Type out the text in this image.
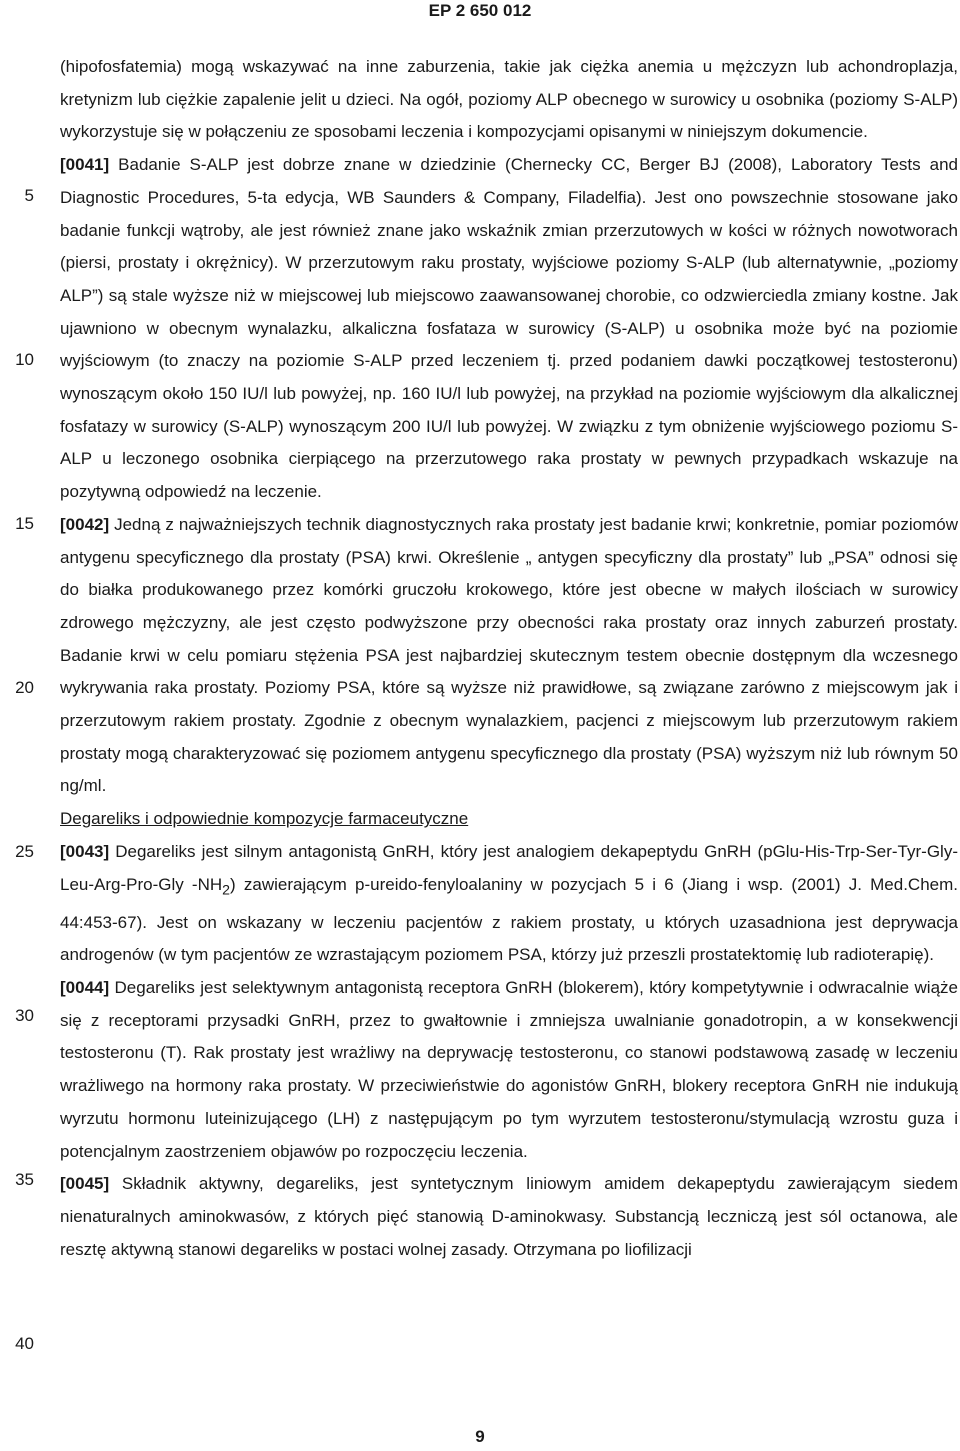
EP 2 650 012
5
10
15
20
25
30
35
40

(hipofosfatemia) mogą wskazywać na inne zaburzenia, takie jak ciężka anemia u mężczyzn lub achondroplazja, kretynizm lub ciężkie zapalenie jelit u dzieci. Na ogół, poziomy ALP obecnego w surowicy u osobnika (poziomy S-ALP) wykorzystuje się w połączeniu ze sposobami leczenia i kompozycjami opisanymi w niniejszym dokumencie.

[0041] Badanie S-ALP jest dobrze znane w dziedzinie (Chernecky CC, Berger BJ (2008), Laboratory Tests and Diagnostic Procedures, 5-ta edycja, WB Saunders & Company, Filadelfia). Jest ono powszechnie stosowane jako badanie funkcji wątroby, ale jest również znane jako wskaźnik zmian przerzutowych w kości w różnych nowotworach (piersi, prostaty i okrężnicy). W przerzutowym raku prostaty, wyjściowe poziomy S-ALP (lub alternatywnie, „poziomy ALP”) są stale wyższe niż w miejscowej lub miejscowo zaawansowanej chorobie, co odzwierciedla zmiany kostne. Jak ujawniono w obecnym wynalazku, alkaliczna fosfataza w surowicy (S-ALP) u osobnika może być na poziomie wyjściowym (to znaczy na poziomie S-ALP przed leczeniem tj. przed podaniem dawki początkowej testosteronu) wynoszącym około 150 IU/l lub powyżej, np. 160 IU/l lub powyżej, na przykład na poziomie wyjściowym dla alkalicznej fosfatazy w surowicy (S-ALP) wynoszącym 200 IU/l lub powyżej. W związku z tym obniżenie wyjściowego poziomu S-ALP u leczonego osobnika cierpiącego na przerzutowego raka prostaty w pewnych przypadkach wskazuje na pozytywną odpowiedź na leczenie.

[0042] Jedną z najważniejszych technik diagnostycznych raka prostaty jest badanie krwi; konkretnie, pomiar poziomów antygenu specyficznego dla prostaty (PSA) krwi. Określenie „ antygen specyficzny dla prostaty” lub „PSA” odnosi się do białka produkowanego przez komórki gruczołu krokowego, które jest obecne w małych ilościach w surowicy zdrowego mężczyzny, ale jest często podwyższone przy obecności raka prostaty oraz innych zaburzeń prostaty. Badanie krwi w celu pomiaru stężenia PSA jest najbardziej skutecznym testem obecnie dostępnym dla wczesnego wykrywania raka prostaty. Poziomy PSA, które są wyższe niż prawidłowe, są związane zarówno z miejscowym jak i przerzutowym rakiem prostaty. Zgodnie z obecnym wynalazkiem, pacjenci z miejscowym lub przerzutowym rakiem prostaty mogą charakteryzować się poziomem antygenu specyficznego dla prostaty (PSA) wyższym niż lub równym 50 ng/ml.

Degareliks i odpowiednie kompozycje farmaceutyczne

[0043] Degareliks jest silnym antagonistą GnRH, który jest analogiem dekapeptydu GnRH (pGlu-His-Trp-Ser-Tyr-Gly-Leu-Arg-Pro-Gly $-NH_2$) zawierającym p-ureido-fenyloalaniny w pozycjach 5 i 6 (Jiang i wsp. (2001) J. Med.Chem. 44:453-67). Jest on wskazany w leczeniu pacjentów z rakiem prostaty, u których uzasadniona jest deprywacja androgenów (w tym pacjentów ze wzrastającym poziomem PSA, którzy już przeszli prostatektomię lub radioterapię).

[0044] Degareliks jest selektywnym antagonistą receptora GnRH (blokerem), który kompetytywnie i odwracalnie wiąże się z receptorami przysadki GnRH, przez to gwałtownie i zmniejsza uwalnianie gonadotropin, a w konsekwencji testosteronu (T). Rak prostaty jest wrażliwy na deprywację testosteronu, co stanowi podstawową zasadę w leczeniu wrażliwego na hormony raka prostaty. W przeciwieństwie do agonistów GnRH, blokery receptora GnRH nie indukują wyrzutu hormonu luteinizującego (LH) z następującym po tym wyrzutem testosteronu/stymulacją wzrostu guza i potencjalnym zaostrzeniem objawów po rozpoczęciu leczenia.

[0045] Składnik aktywny, degareliks, jest syntetycznym liniowym amidem dekapeptydu zawierającym siedem nienaturalnych aminokwasów, z których pięć stanowią D-aminokwasy. Substancją leczniczą jest sól octanowa, ale resztę aktywną stanowi degareliks w postaci wolnej zasady. Otrzymana po liofilizacji

9
